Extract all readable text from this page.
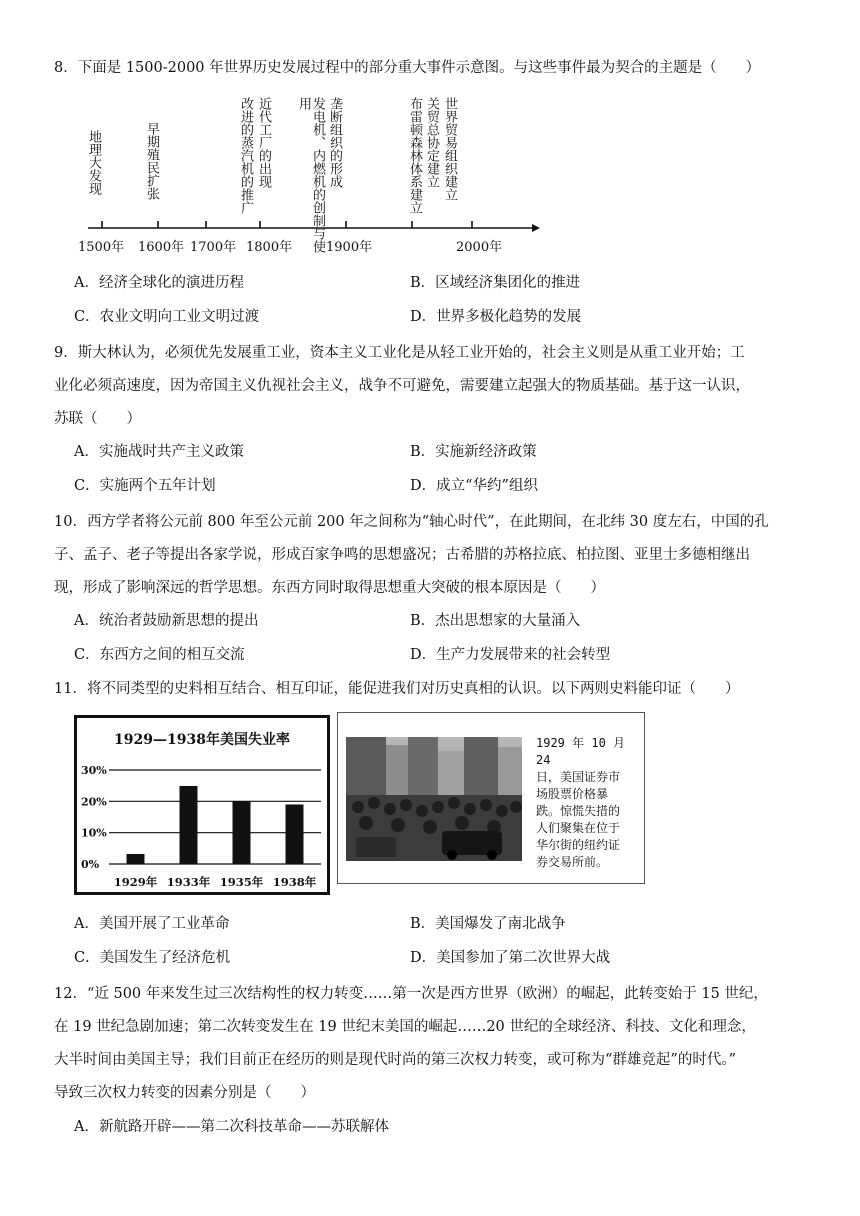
8．下面是 1500-2000 年世界历史发展过程中的部分重大事件示意图。与这些事件最为契合的主题是（　　）
地理大发现	早期殖民扩张	改进的蒸汽机的推广 近代工厂的出现	发电机、内燃机的创制与使用	垄断组织的形成	布雷顿森林体系建立 关贸总协定建立 世界贸易组织建立
1500年 1600年 1700年 1800年	1900年	2000年
A．经济全球化的演进历程	B．区域经济集团化的推进
C．农业文明向工业文明过渡	D．世界多极化趋势的发展
9．斯大林认为，必须优先发展重工业，资本主义工业化是从轻工业开始的，社会主义则是从重工业开始；工
业化必须高速度，因为帝国主义仇视社会主义，战争不可避免，需要建立起强大的物质基础。基于这一认识，
苏联（　　）
A．实施战时共产主义政策	B．实施新经济政策
C．实施两个五年计划	D．成立“华约”组织
10．西方学者将公元前 800 年至公元前 200 年之间称为“轴心时代”，在此期间，在北纬 30 度左右，中国的孔
子、孟子、老子等提出各家学说，形成百家争鸣的思想盛况；古希腊的苏格拉底、柏拉图、亚里士多德相继出
现，形成了影响深远的哲学思想。东西方同时取得思想重大突破的根本原因是（　　）
A．统治者鼓励新思想的提出	B．杰出思想家的大量涌入
C．东西方之间的相互交流	D．生产力发展带来的社会转型
11．将不同类型的史料相互结合、相互印证，能促进我们对历史真相的认识。以下两则史料能印证（　　）
1929—1938年美国失业率
30%
20%
10%
0%
1929年 1933年 1935年 1938年
1929 年 10 月 24
日，美国证券市
场股票价格暴
跌。惊慌失措的
人们聚集在位于
华尔街的纽约证
券交易所前。
A．美国开展了工业革命	B．美国爆发了南北战争
C．美国发生了经济危机	D．美国参加了第二次世界大战
12．“近 500 年来发生过三次结构性的权力转变……第一次是西方世界（欧洲）的崛起，此转变始于 15 世纪，
在 19 世纪急剧加速；第二次转变发生在 19 世纪末美国的崛起……20 世纪的全球经济、科技、文化和理念，
大半时间由美国主导；我们目前正在经历的则是现代时尚的第三次权力转变，或可称为“群雄竞起”的时代。”
导致三次权力转变的因素分别是（　　）
A．新航路开辟——第二次科技革命——苏联解体
